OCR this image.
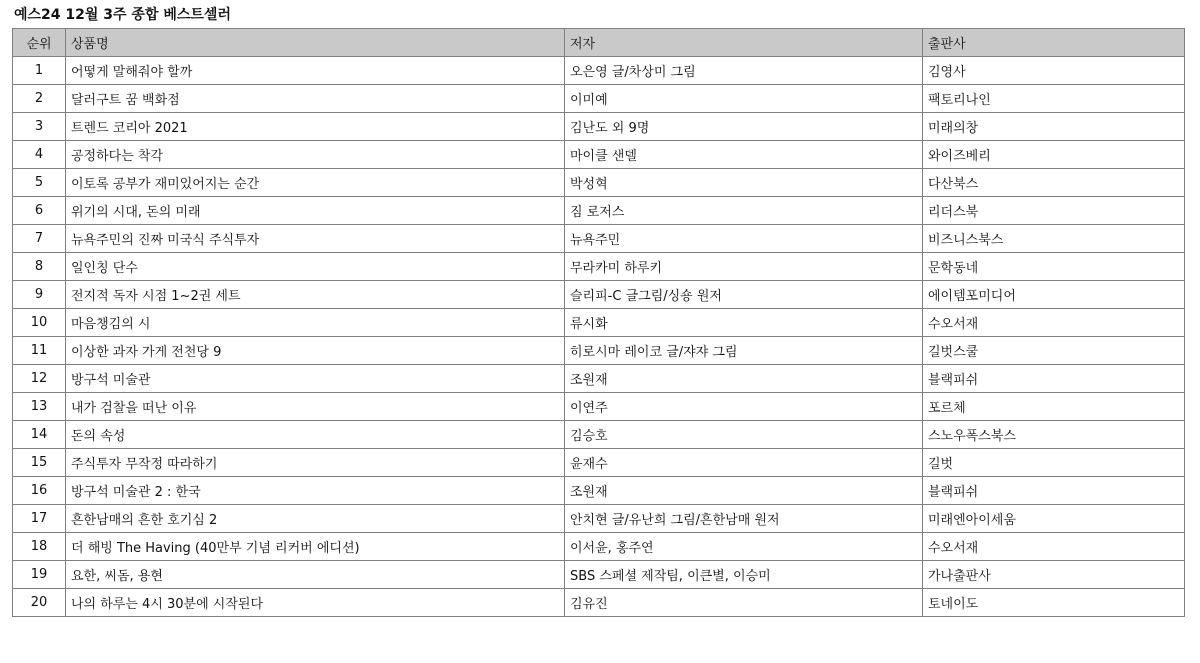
예스24 12월 3주 종합 베스트셀러
순위	상품명	저자	출판사
1	어떻게 말해줘야 할까	오은영 글/차상미 그림	김영사
2	달러구트 꿈 백화점	이미예	팩토리나인
3	트렌드 코리아 2021	김난도 외 9명	미래의창
4	공정하다는 착각	마이클 샌델	와이즈베리
5	이토록 공부가 재미있어지는 순간	박성혁	다산북스
6	위기의 시대, 돈의 미래	짐 로저스	리더스북
7	뉴욕주민의 진짜 미국식 주식투자	뉴욕주민	비즈니스북스
8	일인칭 단수	무라카미 하루키	문학동네
9	전지적 독자 시점 1~2권 세트	슬리피-C 글그림/싱숑 원저	에이템포미디어
10	마음챙김의 시	류시화	수오서재
11	이상한 과자 가게 전천당 9	히로시마 레이코 글/쟈쟈 그림	길벗스쿨
12	방구석 미술관	조원재	블랙피쉬
13	내가 검찰을 떠난 이유	이연주	포르체
14	돈의 속성	김승호	스노우폭스북스
15	주식투자 무작정 따라하기	윤재수	길벗
16	방구석 미술관 2 : 한국	조원재	블랙피쉬
17	흔한남매의 흔한 호기심 2	안치현 글/유난희 그림/흔한남매 원저	미래엔아이세움
18	더 해빙 The Having (40만부 기념 리커버 에디션)	이서윤, 홍주연	수오서재
19	요한, 씨돔, 용현	SBS 스페셜 제작팀, 이큰별, 이승미	가나출판사
20	나의 하루는 4시 30분에 시작된다	김유진	토네이도
